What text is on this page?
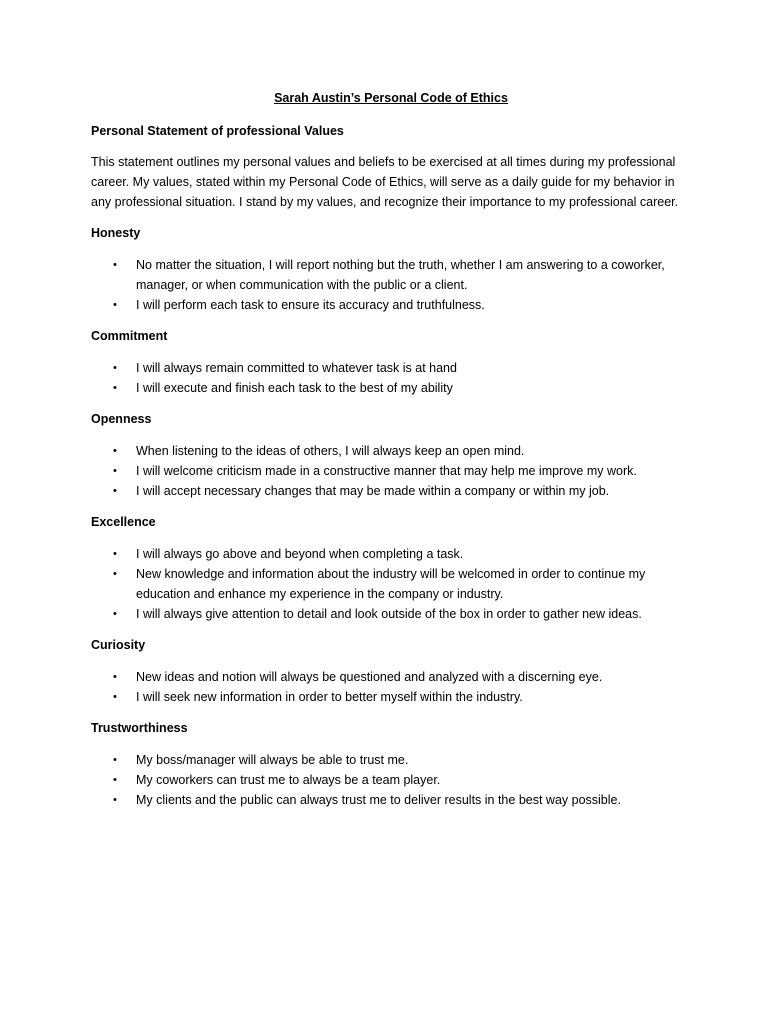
Sarah Austin’s Personal Code of Ethics
Personal Statement of professional Values
This statement outlines my personal values and beliefs to be exercised at all times during my professional career. My values, stated within my Personal Code of Ethics, will serve as a daily guide for my behavior in any professional situation. I stand by my values, and recognize their importance to my professional career.
Honesty
• No matter the situation, I will report nothing but the truth, whether I am answering to a coworker, manager, or when communication with the public or a client.
• I will perform each task to ensure its accuracy and truthfulness.
Commitment
• I will always remain committed to whatever task is at hand
• I will execute and finish each task to the best of my ability
Openness
• When listening to the ideas of others, I will always keep an open mind.
• I will welcome criticism made in a constructive manner that may help me improve my work.
• I will accept necessary changes that may be made within a company or within my job.
Excellence
• I will always go above and beyond when completing a task.
• New knowledge and information about the industry will be welcomed in order to continue my education and enhance my experience in the company or industry.
• I will always give attention to detail and look outside of the box in order to gather new ideas.
Curiosity
• New ideas and notion will always be questioned and analyzed with a discerning eye.
• I will seek new information in order to better myself within the industry.
Trustworthiness
• My boss/manager will always be able to trust me.
• My coworkers can trust me to always be a team player.
• My clients and the public can always trust me to deliver results in the best way possible.
